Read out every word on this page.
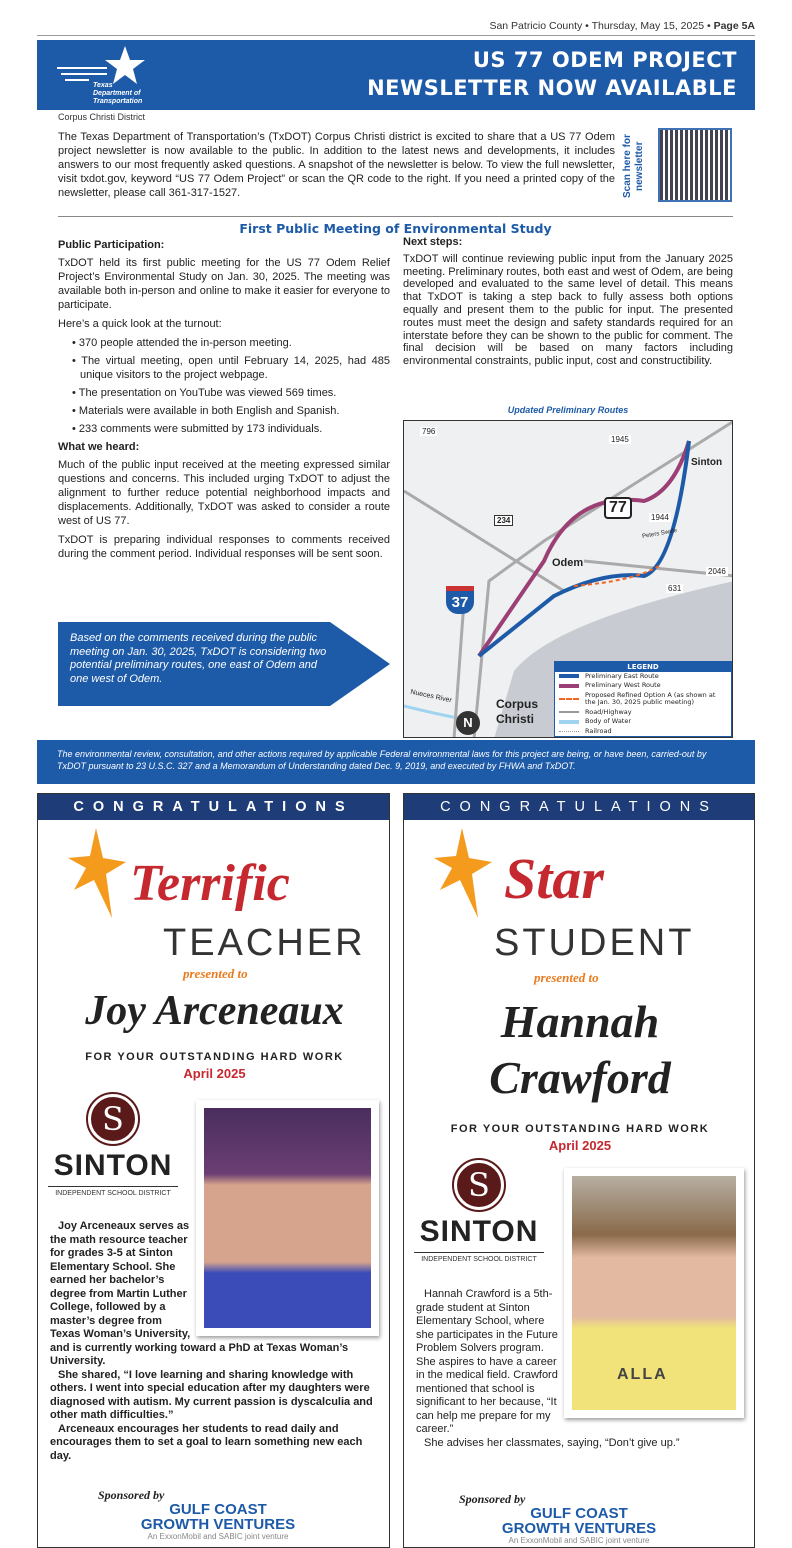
San Patricio County • Thursday, May 15, 2025 • Page 5A
Texas Department of Transportation
US 77 ODEM PROJECT
NEWSLETTER NOW AVAILABLE
Corpus Christi District
The Texas Department of Transportation’s (TxDOT) Corpus Christi district is excited to share that a US 77 Odem project newsletter is now available to the public. In addition to the latest news and developments, it includes answers to our most frequently asked questions. A snapshot of the newsletter is below. To view the full newsletter, visit txdot.gov, keyword “US 77 Odem Project” or scan the QR code to the right. If you need a printed copy of the newsletter, please call 361-317-1527.	Scan here for newsletter
First Public Meeting of Environmental Study
Public Participation:

TxDOT held its first public meeting for the US 77 Odem Relief Project’s Environmental Study on Jan. 30, 2025. The meeting was available both in-person and online to make it easier for everyone to participate.

Here’s a quick look at the turnout:

• 370 people attended the in-person meeting.
• The virtual meeting, open until February 14, 2025, had 485 unique visitors to the project webpage.
• The presentation on YouTube was viewed 569 times.
• Materials were available in both English and Spanish.
• 233 comments were submitted by 173 individuals.
What we heard:

Much of the public input received at the meeting expressed similar questions and concerns. This included urging TxDOT to adjust the alignment to further reduce potential neighborhood impacts and displacements. Additionally, TxDOT was asked to consider a route west of US 77.

TxDOT is preparing individual responses to comments received during the comment period. Individual responses will be sent soon.

Based on the comments received during the public meeting on Jan. 30, 2025, TxDOT is considering two potential preliminary routes, one east of Odem and one west of Odem.
Next steps:

TxDOT will continue reviewing public input from the January 2025 meeting. Preliminary routes, both east and west of Odem, are being developed and evaluated to the same level of detail. This means that TxDOT is taking a step back to fully assess both options equally and present them to the public for input. The presented routes must meet the design and safety standards required for an interstate before they can be shown to the public for comment. The final decision will be based on many factors including environmental constraints, public input, cost and constructibility.

Updated Preliminary Routes
796
1945
Sinton
234
77
1944
Peters Swale
Odem
2046
631
37
Nueces River
N
Corpus
Christi
LEGEND
Preliminary East Route
Preliminary West Route
Proposed Refined Option A (as shown at the Jan. 30, 2025 public meeting)
Road/Highway
Body of Water
Railroad
The environmental review, consultation, and other actions required by applicable Federal environmental laws for this project are being, or have been, carried-out by TxDOT pursuant to 23 U.S.C. 327 and a Memorandum of Understanding dated Dec. 9, 2019, and executed by FHWA and TxDOT.
CONGRATULATIONS
Terrific
TEACHER
presented to
Joy Arceneaux
FOR YOUR OUTSTANDING HARD WORK
April 2025
S
SINTON
INDEPENDENT SCHOOL DISTRICT

Joy Arceneaux serves as the math resource teacher for grades 3-5 at Sinton Elementary School. She earned her bachelor’s degree from Martin Luther College, followed by a master’s degree from Texas Woman’s University, and is currently working toward a PhD at Texas Woman’s University.

She shared, “I love learning and sharing knowledge with others. I went into special education after my daughters were diagnosed with autism. My current passion is dyscalculia and other math difficulties.”

Arceneaux encourages her students to read daily and encourages them to set a goal to learn something new each day.

Sponsored by
GULF COAST
GROWTH VENTURES
An ExxonMobil and SABIC joint venture
CONGRATULATIONS
Star
STUDENT
presented to
Hannah
Crawford
FOR YOUR OUTSTANDING HARD WORK
April 2025
S
SINTON
INDEPENDENT SCHOOL DISTRICT
ALLA

Hannah Crawford is a 5th-grade student at Sinton Elementary School, where she participates in the Future Problem Solvers program. She aspires to have a career in the medical field. Crawford mentioned that school is significant to her because, “It can help me prepare for my career.”

She advises her classmates, saying, “Don’t give up.”

Sponsored by
GULF COAST
GROWTH VENTURES
An ExxonMobil and SABIC joint venture
